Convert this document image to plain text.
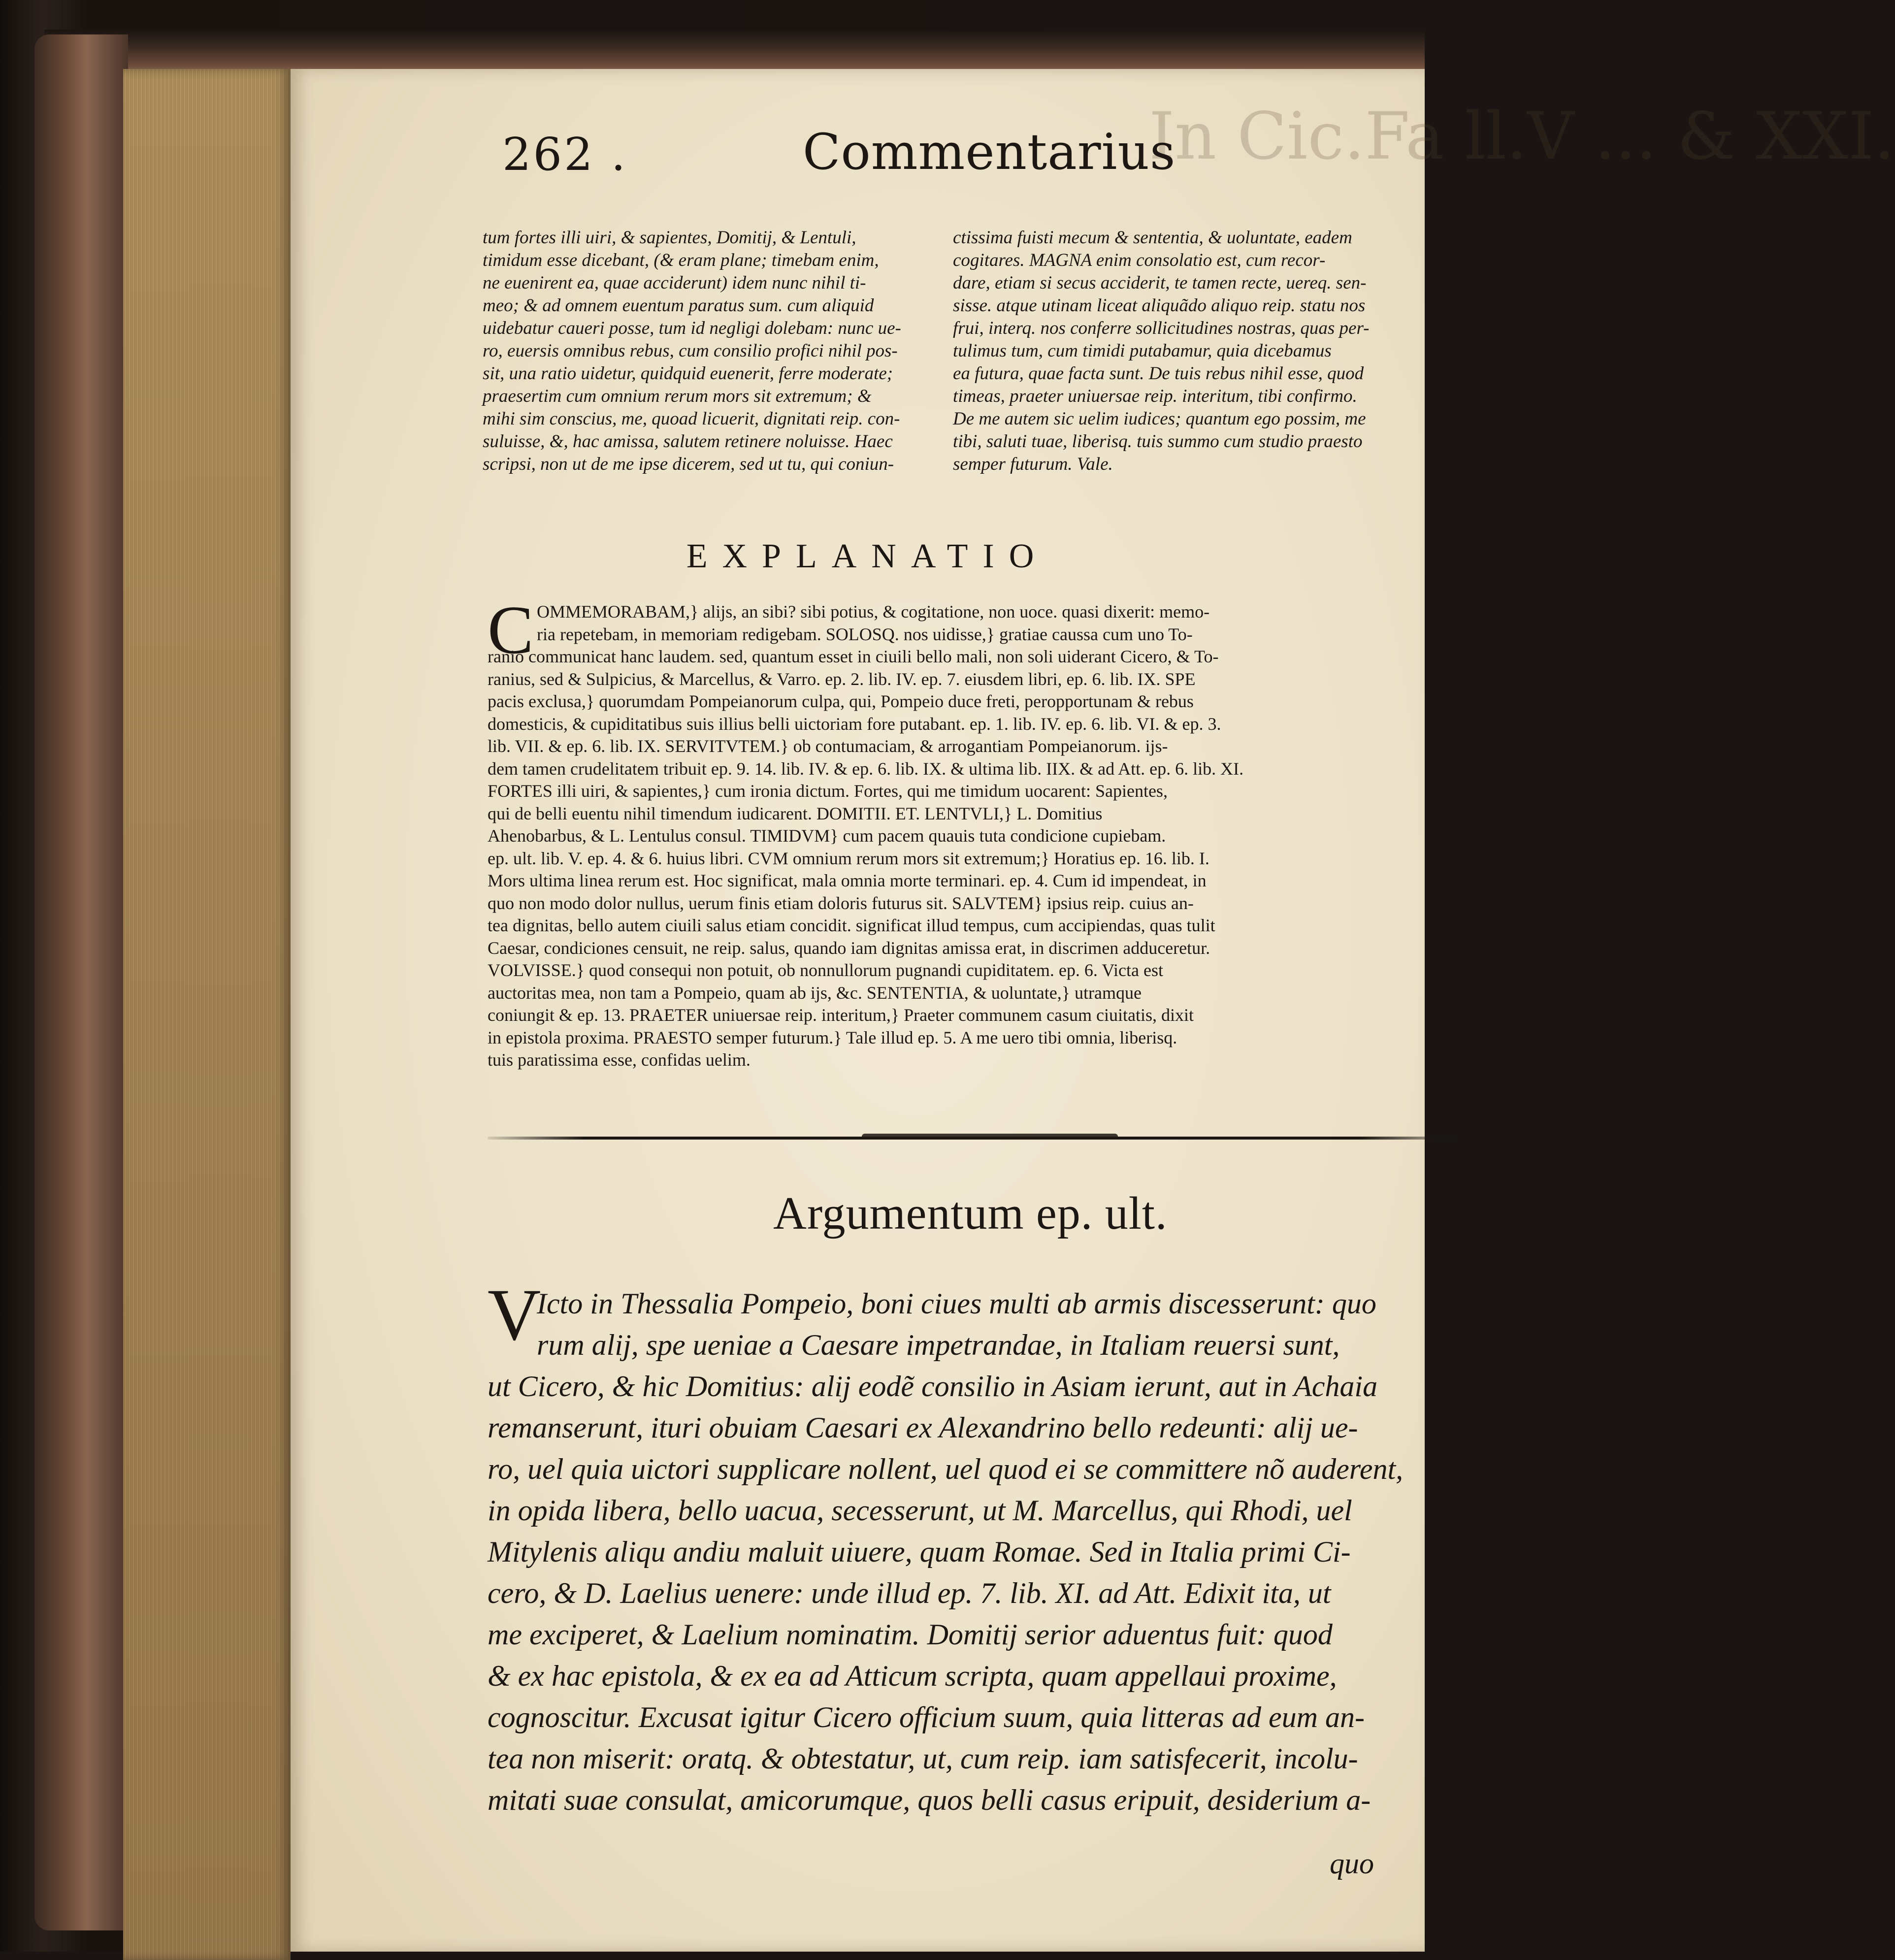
In Cic.Fa ll.V ... & XXI.
262 .	Commentarius

tum fortes illi uiri, & sapientes, Domitij, & Lentuli,

timidum esse dicebant, (& eram plane; timebam enim,

ne euenirent ea, quae acciderunt) idem nunc nihil ti-

meo; & ad omnem euentum paratus sum. cum aliquid

uidebatur caueri posse, tum id negligi dolebam: nunc ue-

ro, euersis omnibus rebus, cum consilio profici nihil pos-

sit, una ratio uidetur, quidquid euenerit, ferre moderate;

praesertim cum omnium rerum mors sit extremum; &

mihi sim conscius, me, quoad licuerit, dignitati reip. con-

suluisse, &, hac amissa, salutem retinere noluisse. Haec

scripsi, non ut de me ipse dicerem, sed ut tu, qui coniun-

ctissima fuisti mecum & sententia, & uoluntate, eadem

cogitares. MAGNA enim consolatio est, cum recor-

dare, etiam si secus acciderit, te tamen recte, uereq. sen-

sisse. atque utinam liceat aliquãdo aliquo reip. statu nos

frui, interq. nos conferre sollicitudines nostras, quas per-

tulimus tum, cum timidi putabamur, quia dicebamus

ea futura, quae facta sunt. De tuis rebus nihil esse, quod

timeas, praeter uniuersae reip. interitum, tibi confirmo.

De me autem sic uelim iudices; quantum ego possim, me

tibi, saluti tuae, liberisq. tuis summo cum studio praesto

semper futurum. Vale.

EXPLANATIO
C OMMEMORABAM,} alijs, an sibi? sibi potius, & cogitatione, non uoce. quasi dixerit: memo-

ria repetebam, in memoriam redigebam. SOLOSQ. nos uidisse,} gratiae caussa cum uno To-

ranio communicat hanc laudem. sed, quantum esset in ciuili bello mali, non soli uiderant Cicero, & To-

ranius, sed & Sulpicius, & Marcellus, & Varro. ep. 2. lib. IV. ep. 7. eiusdem libri, ep. 6. lib. IX. SPE

pacis exclusa,} quorumdam Pompeianorum culpa, qui, Pompeio duce freti, peropportunam & rebus

domesticis, & cupiditatibus suis illius belli uictoriam fore putabant. ep. 1. lib. IV. ep. 6. lib. VI. & ep. 3.

lib. VII. & ep. 6. lib. IX. SERVITVTEM.} ob contumaciam, & arrogantiam Pompeianorum. ijs-

dem tamen crudelitatem tribuit ep. 9. 14. lib. IV. & ep. 6. lib. IX. & ultima lib. IIX. & ad Att. ep. 6. lib. XI.

FORTES illi uiri, & sapientes,} cum ironia dictum. Fortes, qui me timidum uocarent: Sapientes,

qui de belli euentu nihil timendum iudicarent. DOMITII. ET. LENTVLI,} L. Domitius

Ahenobarbus, & L. Lentulus consul. TIMIDVM} cum pacem quauis tuta condicione cupiebam.

ep. ult. lib. V. ep. 4. & 6. huius libri. CVM omnium rerum mors sit extremum;} Horatius ep. 16. lib. I.

Mors ultima linea rerum est. Hoc significat, mala omnia morte terminari. ep. 4. Cum id impendeat, in

quo non modo dolor nullus, uerum finis etiam doloris futurus sit. SALVTEM} ipsius reip. cuius an-

tea dignitas, bello autem ciuili salus etiam concidit. significat illud tempus, cum accipiendas, quas tulit

Caesar, condiciones censuit, ne reip. salus, quando iam dignitas amissa erat, in discrimen adduceretur.

VOLVISSE.} quod consequi non potuit, ob nonnullorum pugnandi cupiditatem. ep. 6. Victa est

auctoritas mea, non tam a Pompeio, quam ab ijs, &c. SENTENTIA, & uoluntate,} utramque

coniungit & ep. 13. PRAETER uniuersae reip. interitum,} Praeter communem casum ciuitatis, dixit

in epistola proxima. PRAESTO semper futurum.} Tale illud ep. 5. A me uero tibi omnia, liberisq.

tuis paratissima esse, confidas uelim.

Argumentum ep. ult.
V

Icto in Thessalia Pompeio, boni ciues multi ab armis discesserunt: quo

rum alij, spe ueniae a Caesare impetrandae, in Italiam reuersi sunt,

ut Cicero, & hic Domitius: alij eodẽ consilio in Asiam ierunt, aut in Achaia

remanserunt, ituri obuiam Caesari ex Alexandrino bello redeunti: alij ue-

ro, uel quia uictori supplicare nollent, uel quod ei se committere nõ auderent,

in opida libera, bello uacua, secesserunt, ut M. Marcellus, qui Rhodi, uel

Mitylenis aliqu andiu maluit uiuere, quam Romae. Sed in Italia primi Ci-

cero, & D. Laelius uenere: unde illud ep. 7. lib. XI. ad Att. Edixit ita, ut

me exciperet, & Laelium nominatim. Domitij serior aduentus fuit: quod

& ex hac epistola, & ex ea ad Atticum scripta, quam appellaui proxime,

cognoscitur. Excusat igitur Cicero officium suum, quia litteras ad eum an-

tea non miserit: oratq. & obtestatur, ut, cum reip. iam satisfecerit, incolu-

mitati suae consulat, amicorumque, quos belli casus eripuit, desiderium a-

quo
